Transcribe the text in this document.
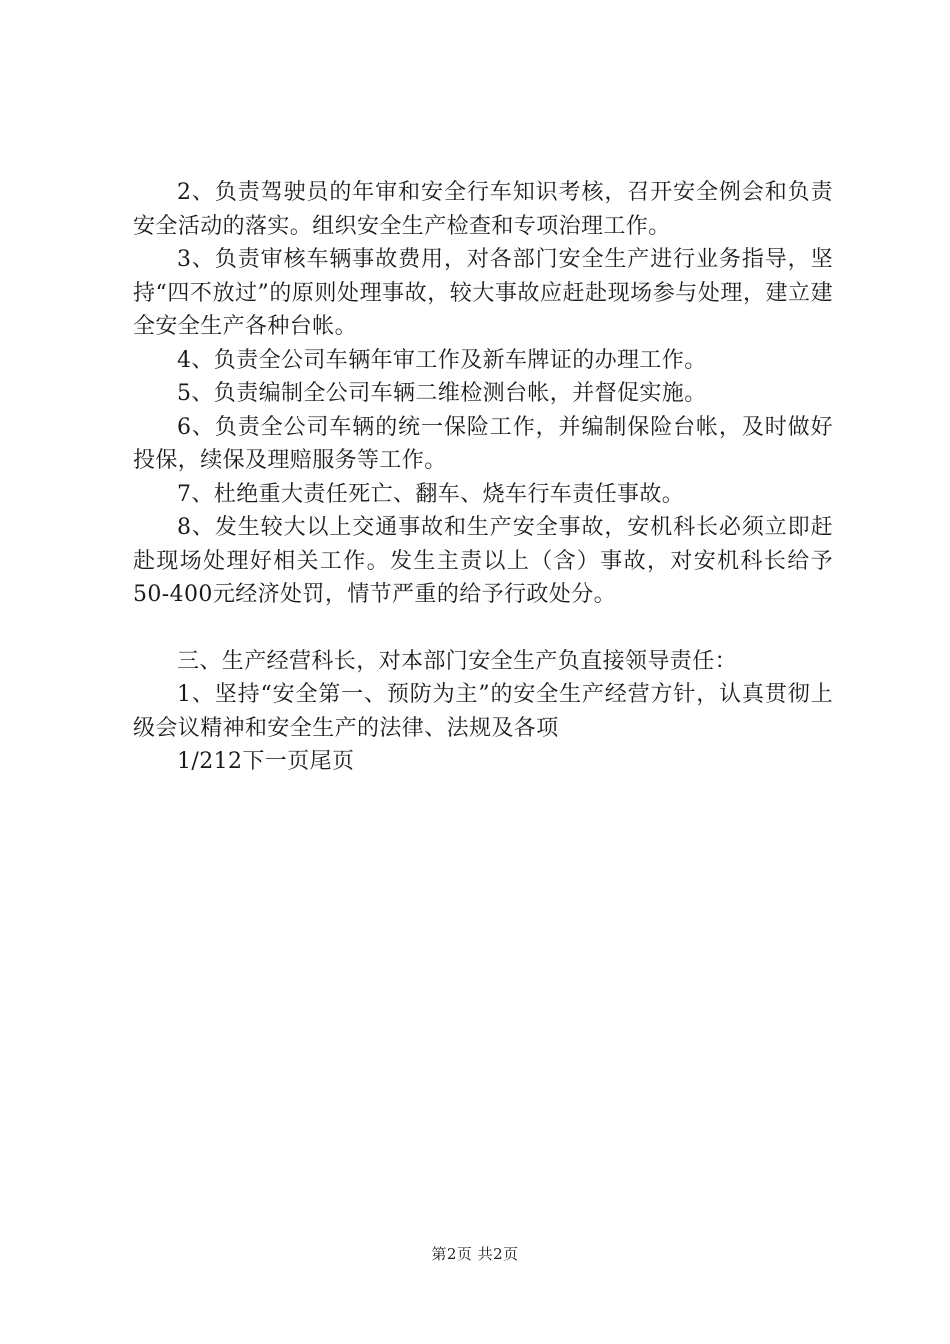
2、负责驾驶员的年审和安全行车知识考核，召开安全例会和负责安全活动的落实。组织安全生产检查和专项治理工作。

3、负责审核车辆事故费用，对各部门安全生产进行业务指导，坚持“四不放过”的原则处理事故，较大事故应赶赴现场参与处理，建立建全安全生产各种台帐。

4、负责全公司车辆年审工作及新车牌证的办理工作。

5、负责编制全公司车辆二维检测台帐，并督促实施。

6、负责全公司车辆的统一保险工作，并编制保险台帐，及时做好投保，续保及理赔服务等工作。

7、杜绝重大责任死亡、翻车、烧车行车责任事故。

8、发生较大以上交通事故和生产安全事故，安机科长必须立即赶赴现场处理好相关工作。发生主责以上（含）事故，对安机科长给予50-400元经济处罚，情节严重的给予行政处分。

三、生产经营科长，对本部门安全生产负直接领导责任：

1、坚持“安全第一、预防为主”的安全生产经营方针，认真贯彻上级会议精神和安全生产的法律、法规及各项

1/212下一页尾页

第2页 共2页
